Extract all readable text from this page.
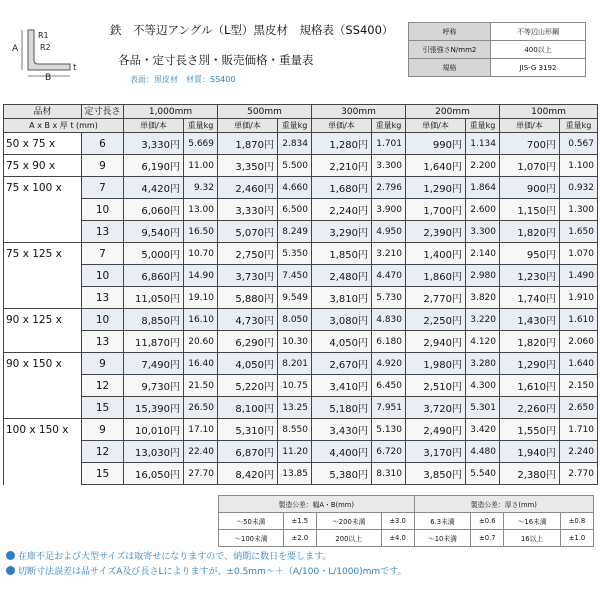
A
R1
R2
B
t
鉄　不等辺アングル（L型）黒皮材　規格表（SS400）
各品・定寸長さ別・販売価格・重量表
表面：黒皮材　材質：SS400
呼称	不等辺山形鋼
引張強さN/mm2	400以上
規格	JIS-G 3192
品材	定寸長さ	1,000mm		500mm		300mm		200mm		100mm	
A x B x 厚 t (mm)		単価/本	重量kg	単価/本	重量kg	単価/本	重量kg	単価/本	重量kg	単価/本	重量kg
50 x 75 x	6	3,330円	5.669	1,870円	2.834	1,280円	1.701	990円	1.134	700円	0.567
75 x 90 x	9	6,190円	11.00	3,350円	5.500	2,210円	3.300	1,640円	2.200	1,070円	1.100
75 x 100 x	7	4,420円	9.32	2,460円	4.660	1,680円	2.796	1,290円	1.864	900円	0.932
	10	6,060円	13.00	3,330円	6.500	2,240円	3.900	1,700円	2.600	1,150円	1.300
	13	9,540円	16.50	5,070円	8.249	3,290円	4.950	2,390円	3.300	1,820円	1.650
75 x 125 x	7	5,000円	10.70	2,750円	5.350	1,850円	3.210	1,400円	2.140	950円	1.070
	10	6,860円	14.90	3,730円	7.450	2,480円	4.470	1,860円	2.980	1,230円	1.490
	13	11,050円	19.10	5,880円	9.549	3,810円	5.730	2,770円	3.820	1,740円	1.910
90 x 125 x	10	8,850円	16.10	4,730円	8.050	3,080円	4.830	2,250円	3.220	1,430円	1.610
	13	11,870円	20.60	6,290円	10.30	4,050円	6.180	2,940円	4.120	1,820円	2.060
90 x 150 x	9	7,490円	16.40	4,050円	8.201	2,670円	4.920	1,980円	3.280	1,290円	1.640
	12	9,730円	21.50	5,220円	10.75	3,410円	6.450	2,510円	4.300	1,610円	2.150
	15	15,390円	26.50	8,100円	13.25	5,180円	7.951	3,720円	5.301	2,260円	2.650
100 x 150 x	9	10,010円	17.10	5,310円	8.550	3,430円	5.130	2,490円	3.420	1,550円	1.710
	12	13,030円	22.40	6,870円	11.20	4,400円	6.720	3,170円	4.480	1,940円	2.240
	15	16,050円	27.70	8,420円	13.85	5,380円	8.310	3,850円	5.540	2,380円	2.770
製造公差：幅A・B(mm)				製造公差：厚さ(mm)			
〜50未満	±1.5	〜200未満	±3.0	6.3未満	±0.6	〜16未満	±0.8
〜100未満	±2.0	200以上	±4.0	〜10未満	±0.7	16以上	±1.0
在庫不足および大型サイズは取寄せになりますので、納期に数日を要します。
切断寸法誤差は品サイズA及び長さLによりますが、±0.5mm〜＋（A/100・L/1000)mmです。
